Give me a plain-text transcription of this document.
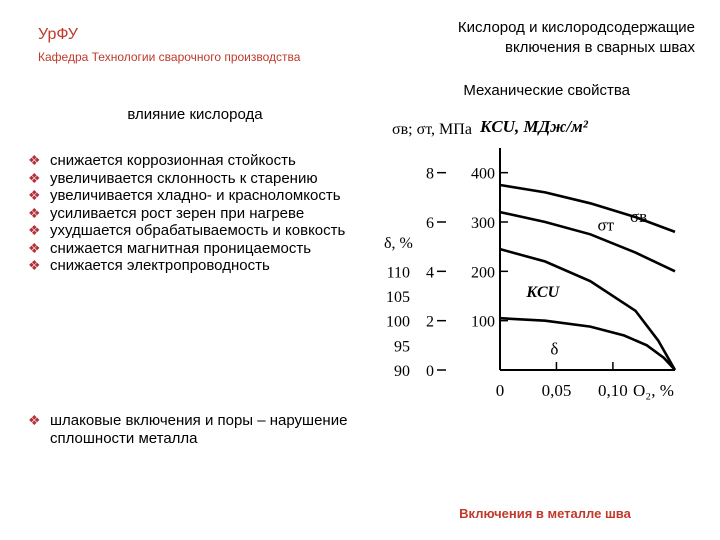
УрФУ
Кафедра Технологии сварочного производства
Кислород и кислородсодержащие
включения в сварных швах
Механические свойства
влияние кислорода
❖ снижается коррозионная стойкость
❖ увеличивается склонность к старению
❖ увеличивается хладно- и красноломкость
❖ усиливается рост зерен при нагреве
❖ ухудшается обрабатываемость и ковкость
❖ снижается магнитная проницаемость
❖ снижается электропроводность
❖ шлаковые включения и поры – нарушение сплошности металла
σв; σт, МПа KCU, МДж/м²
δ, %
400
300
200
100
8
6
4
2
0
110
105
100
95
90
0 0,05 0,10
σв
σт
KCU
δ
O₂, %
Включения в металле шва
